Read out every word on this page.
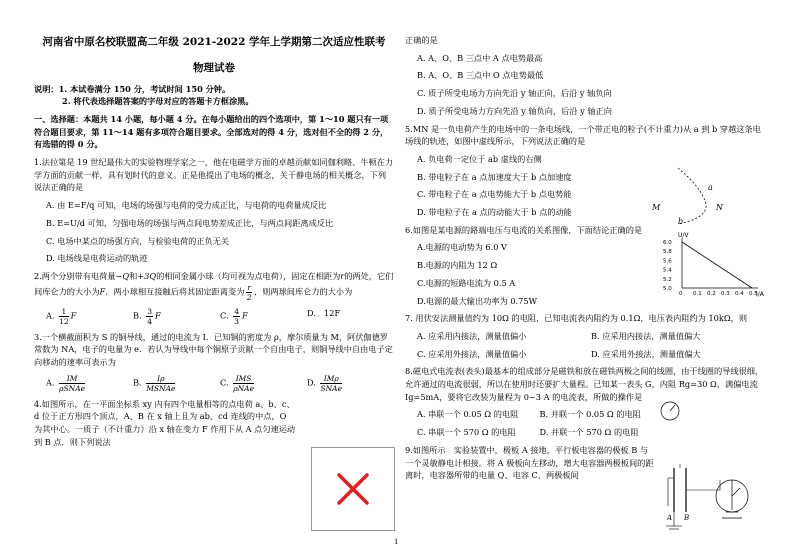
河南省中原名校联盟高二年级 2021-2022 学年上学期第二次适应性联考
物理试卷

说明：1. 本试卷满分 150 分，考试时间 150 分钟。
2. 将代表选择题答案的字母对应的答题卡方框涂黑。

一、选择题：本题共 14 小题，每小题 4 分。在每小题给出的四个选项中，第 1～10 题只有一项符合题目要求，第 11～14 题有多项符合题目要求。全部选对的得 4 分，选对但不全的得 2 分，有选错的得 0 分。

1.法拉第是 19 世纪最伟大的实验物理学家之一，他在电磁学方面的卓越贡献如同伽利略、牛顿在力学方面的贡献一样，具有划时代的意义。正是他提出了电场的概念，关于静电场的相关概念，下列说法正确的是

A. 由 E=F/q 可知，电场的场强与电荷的受力成正比，与电荷的电荷量成反比
B. E=U/d 可知，匀强电场的场强与两点间电势差成正比，与两点间距离成反比
C. 电场中某点的场强方向，与检验电荷的正负无关
D. 电场线是电荷运动的轨迹

2.两个分别带有电荷量−Q和+3Q的相同金属小球（均可视为点电荷），固定在相距为r的两处，它们间库仑力的大小为F．两小球相互接触后将其固定距离变为 $\frac{r}{2}$ ，则两球间库仑力的大小为

A. $\frac{1}{12}$ F	B. $\frac{3}{4}$ F	C. $\frac{4}{3}$ F	D.　12F

3.一个横截面积为 S 的铜导线，通过的电流为 I．已知铜的密度为 ρ，摩尔质量为 M，阿伏伽德罗常数为 NA，电子的电量为 e．若认为导线中每个铜原子贡献一个自由电子，则铜导线中自由电子定向移动的速率可表示为

A. $\frac{IM}{\text{ρSNAe}}$	B. $\frac{I\rho}{\text{MSNAe}}$	C. $\frac{\text{IMS}}{\text{ρNAe}}$	D. $\frac{\text{IMρ}}{\text{SNAe}}$

4.如图所示，在一平面坐标系 xy 内有四个电量相等的点电荷 a、b、c、d 位于正方形四个顶点，A、B 在 x 轴上且为 ab、cd 连线的中点，O 为其中心。一质子（不计重力）沿 x 轴在变力 F 作用下从 A 点匀速运动到 B 点．则下列说法

正确的是

A. A、O、B 三点中 A 点电势最高
B. A、O、B 三点中 O 点电势最低
C. 质子所受电场力方向先沿 y 轴正向，后沿 y 轴负向
D. 质子所受电场力方向先沿 y 轴负向，后沿 y 轴正向

5.MN 是一负电荷产生的电场中的一条电场线，一个带正电的粒子(不计重力)从 a 到 b 穿越这条电场线的轨迹，如图中虚线所示，下列说法正确的是

A. 负电荷一定位于 ab 虚线的右侧
B. 带电粒子在 a 点加速度大于 b 点加速度
C. 带电粒子在 a 点电势能大于 b 点电势能
D. 带电粒子在 a 点的动能大于 b 点的动能

6.如图是某电源的路端电压与电流的关系图像，下面结论正确的是

A.电源的电动势为 6.0 V
B.电源的内阻为 12 Ω
C.电源的短路电流为 0.5 A
D.电源的最大输出功率为 0.75W

7. 用伏安法测量值约为 10Ω 的电阻，已知电流表内阻约为 0.1Ω，电压表内阻约为 10kΩ，则

A. 应采用内接法，测量值偏小	B. 应采用内接法，测量值偏大
C. 应采用外接法，测量值偏小	D. 应采用外接法，测量值偏大

8.磁电式电流表(表头)最基本的组成部分是磁铁和放在磁铁两极之间的线圈，由于线圈的导线很细，允许通过的电流很弱，所以在使用时还要扩大量程。已知某一表头 G，内阻 Rg=30 Ω，满偏电流 Ig=5mA，要将它改装为量程为 0~3 A 的电流表，所做的操作是

A. 串联一个 0.05 Ω 的电阻	B. 并联一个 0.05 Ω 的电阻
C. 串联一个 570 Ω 的电阻	D. 并联一个 570 Ω 的电阻

9.如图所示　实验装置中，极板 A 接地，平行板电容器的极板 B 与一个灵敏静电计相接。将 A 极板向左移动，增大电容器两极板间的距离时，电容器所带的电量 Q、电容 C、两极板间

a
M	N
b
U/V
6.0
5.8
5.6
5.4
5.2
5.0
0 0.1 0.2 0.3 0.4 0.5
I/A
A B
1
